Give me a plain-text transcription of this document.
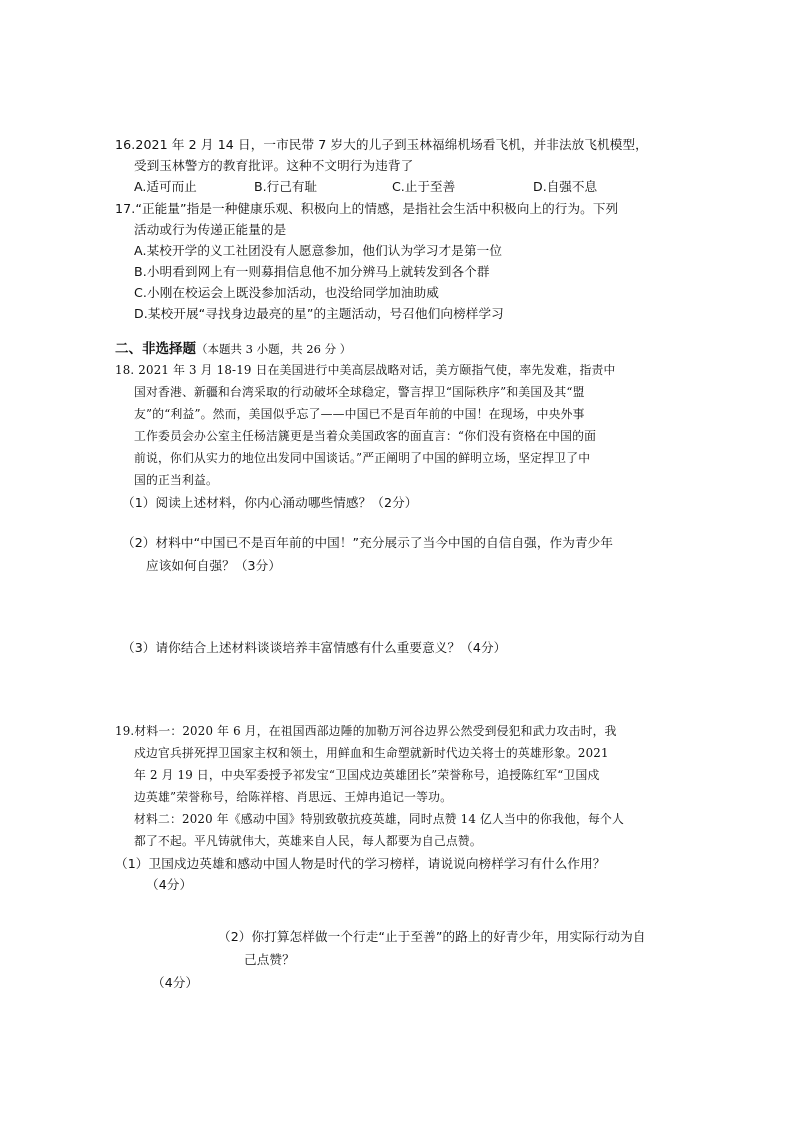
16.2021 年 2 月 14 日，一市民带 7 岁大的儿子到玉林福绵机场看飞机，并非法放飞机模型，
受到玉林警方的教育批评。这种不文明行为违背了
A.适可而止	B.行己有耻	C.止于至善	D.自强不息
17.“正能量”指是一种健康乐观、积极向上的情感，是指社会生活中积极向上的行为。下列
活动或行为传递正能量的是
A.某校开学的义工社团没有人愿意参加，他们认为学习才是第一位
B.小明看到网上有一则募捐信息他不加分辨马上就转发到各个群
C.小刚在校运会上既没参加活动，也没给同学加油助威
D.某校开展“寻找身边最亮的星”的主题活动，号召他们向榜样学习
二、非选择题（本题共 3 小题，共 26 分 ）
18. 2021 年 3 月 18-19 日在美国进行中美高层战略对话，美方颐指气使，率先发难，指责中
国对香港、新疆和台湾采取的行动破坏全球稳定，警言捍卫“国际秩序”和美国及其“盟
友”的“利益”。然而，美国似乎忘了——中国已不是百年前的中国！在现场，中央外事
工作委员会办公室主任杨洁篪更是当着众美国政客的面直言：“你们没有资格在中国的面
前说，你们从实力的地位出发同中国谈话。”严正阐明了中国的鲜明立场，坚定捍卫了中
国的正当利益。
（1）阅读上述材料，你内心涌动哪些情感？（2分）
（2）材料中“中国已不是百年前的中国！”充分展示了当今中国的自信自强，作为青少年
应该如何自强？（3分）
（3）请你结合上述材料谈谈培养丰富情感有什么重要意义？（4分）
19.材料一：2020 年 6 月，在祖国西部边陲的加勒万河谷边界公然受到侵犯和武力攻击时，我
戍边官兵拼死捍卫国家主权和领土，用鲜血和生命塑就新时代边关将士的英雄形象。2021
年 2 月 19 日，中央军委授予祁发宝“卫国戍边英雄团长”荣誉称号，追授陈红军“卫国戍
边英雄”荣誉称号，给陈祥榕、肖思远、王焯冉追记一等功。
材料二：2020 年《感动中国》特别致敬抗疫英雄，同时点赞 14 亿人当中的你我他，每个人
都了不起。平凡铸就伟大，英雄来自人民，每人都要为自己点赞。
（1）卫国戍边英雄和感动中国人物是时代的学习榜样，请说说向榜样学习有什么作用？
（4分）
（2）你打算怎样做一个行走“止于至善”的路上的好青少年，用实际行动为自
己点赞？
（4分）
